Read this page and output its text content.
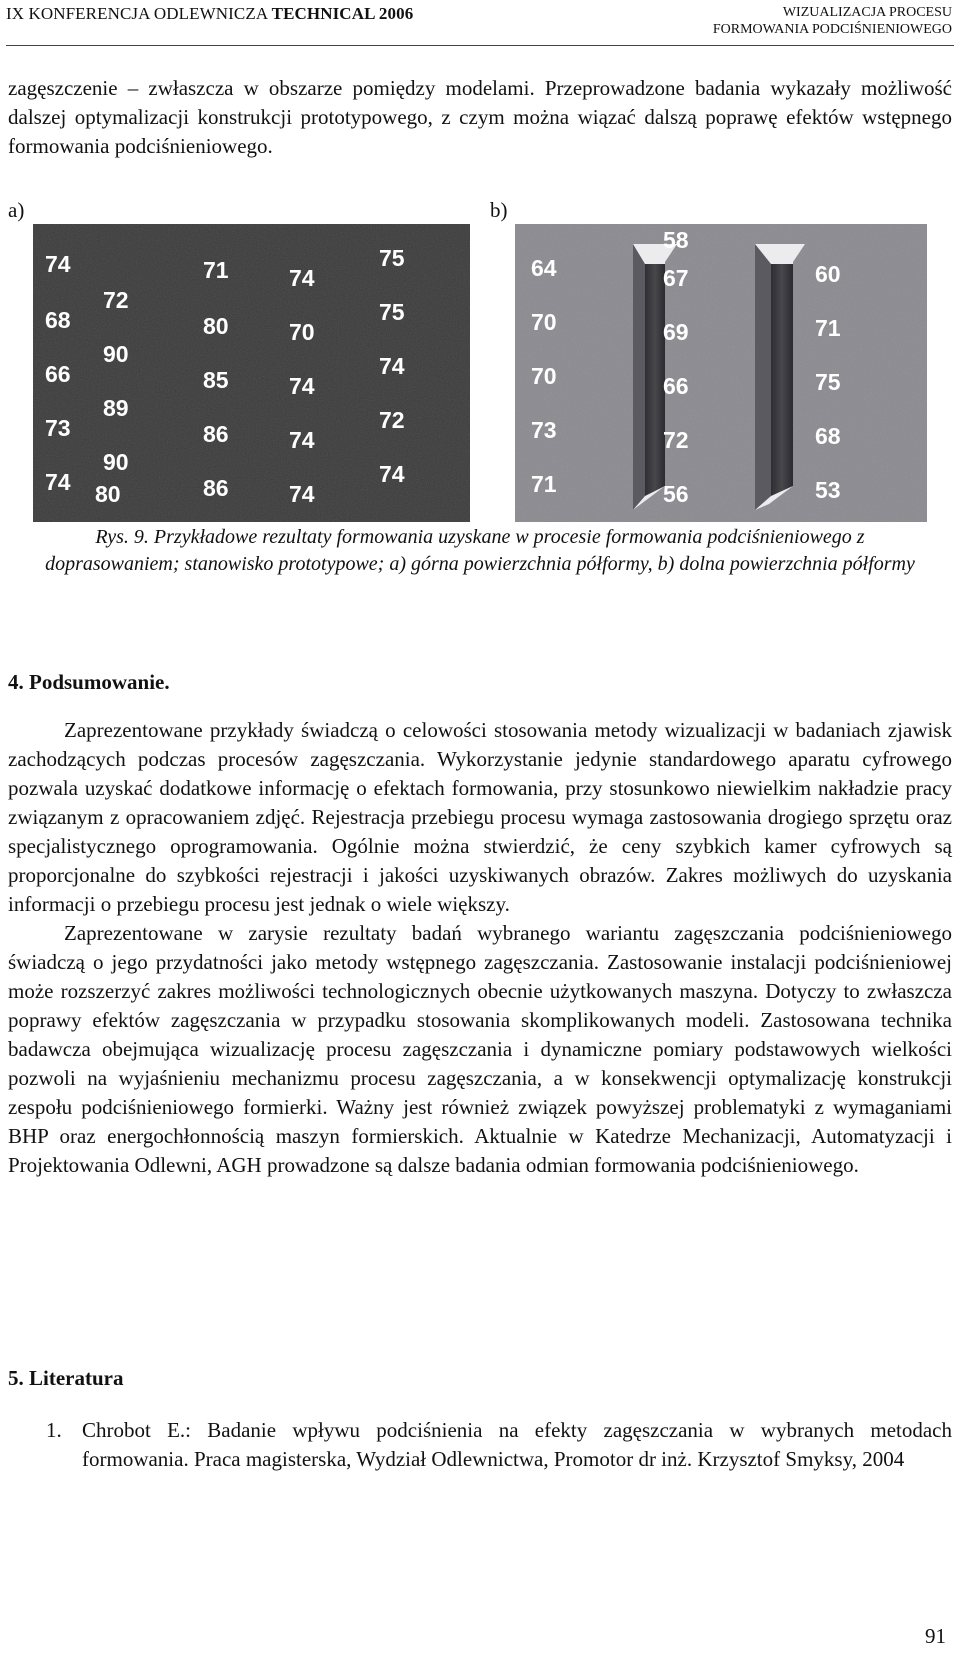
IX KONFERENCJA ODLEWNICZA TECHNICAL 2006	WIZUALIZACJA PROCESU
FORMOWANIA PODCIŚNIENIOWEGO

zagęszczenie – zwłaszcza w obszarze pomiędzy modelami. Przeprowadzone badania wykazały możliwość dalszej optymalizacji konstrukcji prototypowego, z czym można wiązać dalszą poprawę efektów wstępnego formowania podciśnieniowego.

a)	b)
74
72
68
90
66
89
73
90
74 80
71
80
85
86
86
74
70
74
74
74
75
75
74
72
74
64
70
70
73
71
58
67
69
66
72
56
60
71
75
68
53
Rys. 9. Przykładowe rezultaty formowania uzyskane w procesie formowania podciśnieniowego z doprasowaniem; stanowisko prototypowe; a) górna powierzchnia półformy, b) dolna powierzchnia półformy
4. Podsumowanie.

Zaprezentowane przykłady świadczą o celowości stosowania metody wizualizacji w badaniach zjawisk zachodzących podczas procesów zagęszczania. Wykorzystanie jedynie standardowego aparatu cyfrowego pozwala uzyskać dodatkowe informację o efektach formowania, przy stosunkowo niewielkim nakładzie pracy związanym z opracowaniem zdjęć. Rejestracja przebiegu procesu wymaga zastosowania drogiego sprzętu oraz specjalistycznego oprogramowania. Ogólnie można stwierdzić, że ceny szybkich kamer cyfrowych są proporcjonalne do szybkości rejestracji i jakości uzyskiwanych obrazów. Zakres możliwych do uzyskania informacji o przebiegu procesu jest jednak o wiele większy.

Zaprezentowane w zarysie rezultaty badań wybranego wariantu zagęszczania podciśnieniowego świadczą o jego przydatności jako metody wstępnego zagęszczania. Zastosowanie instalacji podciśnieniowej może rozszerzyć zakres możliwości technologicznych obecnie użytkowanych maszyna. Dotyczy to zwłaszcza poprawy efektów zagęszczania w przypadku stosowania skomplikowanych modeli. Zastosowana technika badawcza obejmująca wizualizację procesu zagęszczania i dynamiczne pomiary podstawowych wielkości pozwoli na wyjaśnieniu mechanizmu procesu zagęszczania, a w konsekwencji optymalizację konstrukcji zespołu podciśnieniowego formierki. Ważny jest również związek powyższej problematyki z wymaganiami BHP oraz energochłonnością maszyn formierskich. Aktualnie w Katedrze Mechanizacji, Automatyzacji i Projektowania Odlewni, AGH prowadzone są dalsze badania odmian formowania podciśnieniowego.

5. Literatura
1. Chrobot E.: Badanie wpływu podciśnienia na efekty zagęszczania w wybranych metodach formowania. Praca magisterska, Wydział Odlewnictwa, Promotor dr inż. Krzysztof Smyksy, 2004

91
